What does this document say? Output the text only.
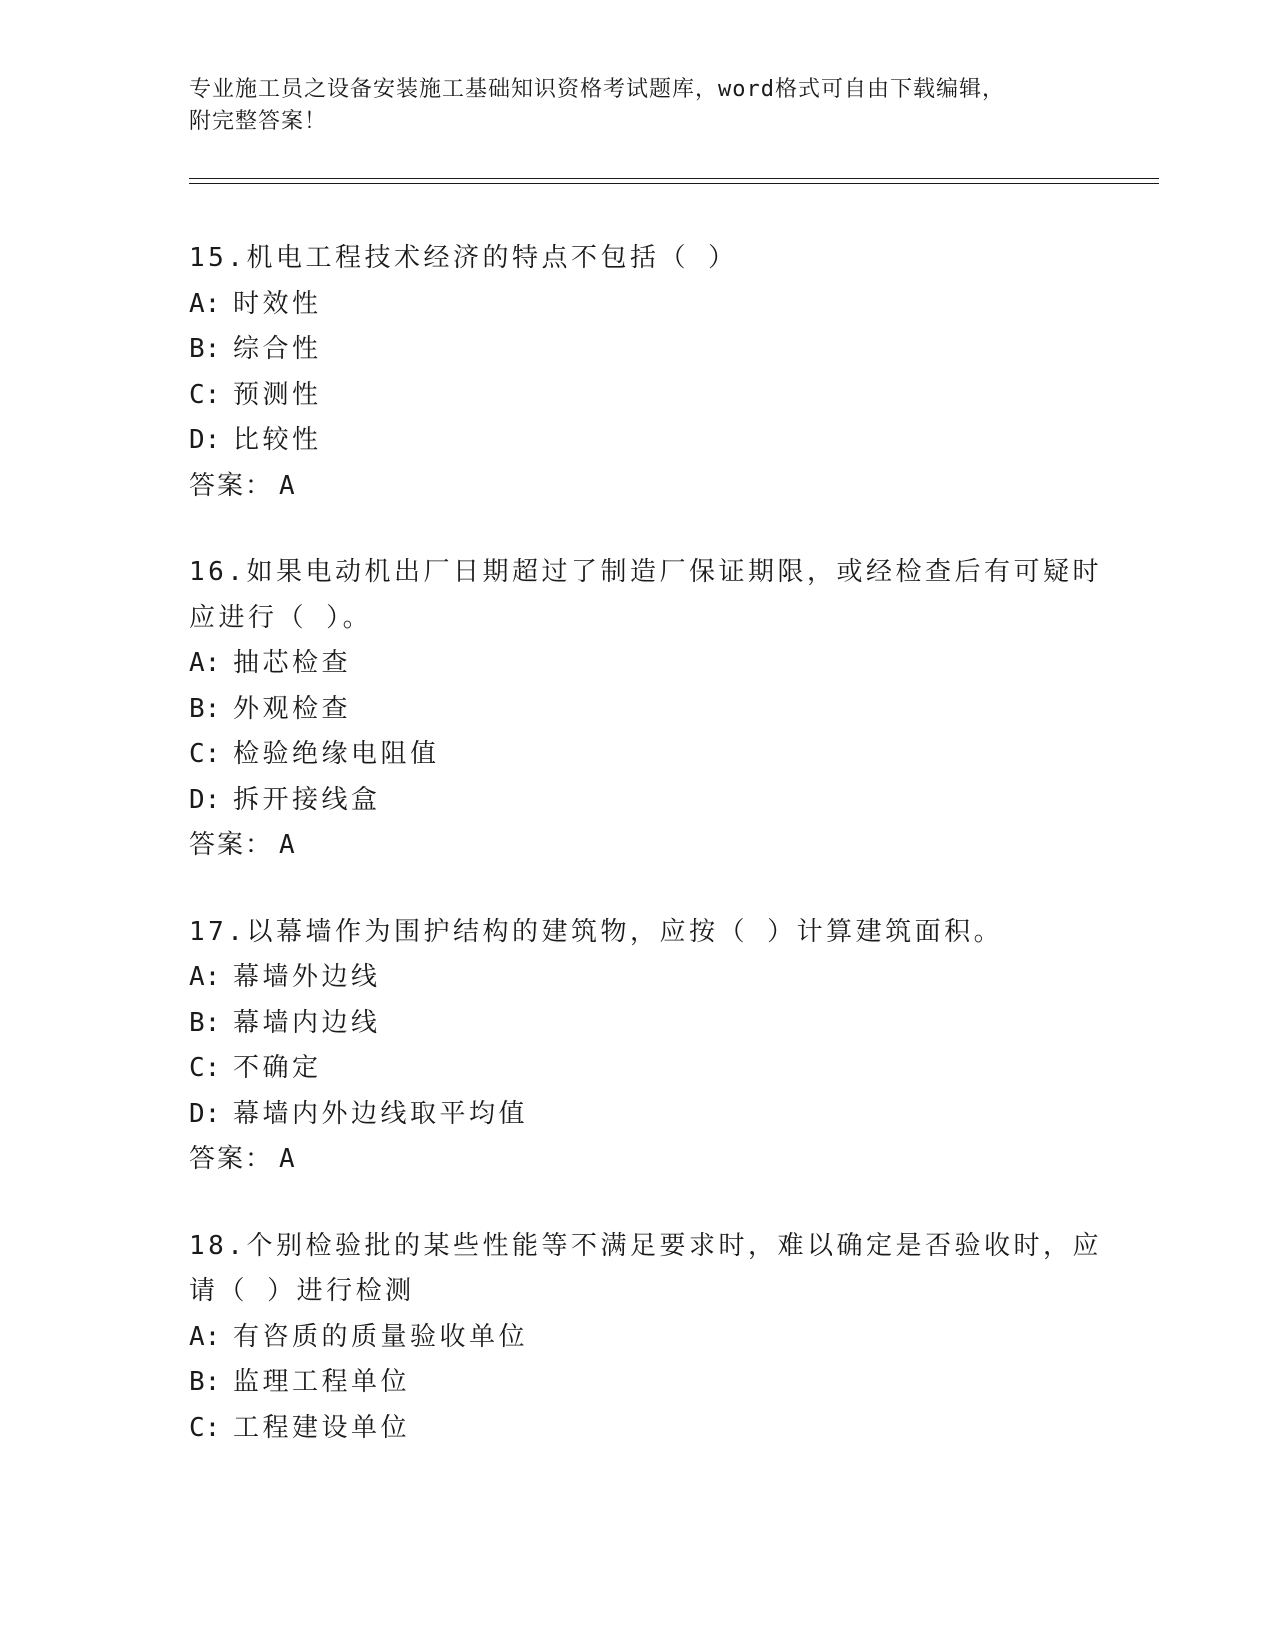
专业施工员之设备安装施工基础知识资格考试题库，word格式可自由下载编辑，
附完整答案！
15.机电工程技术经济的特点不包括（ ）
A: 时效性
B: 综合性
C: 预测性
D: 比较性
答案： A
16.如果电动机出厂日期超过了制造厂保证期限，或经检查后有可疑时
应进行（ ）。
A: 抽芯检查
B: 外观检查
C: 检验绝缘电阻值
D: 拆开接线盒
答案： A
17.以幕墙作为围护结构的建筑物，应按（ ）计算建筑面积。
A: 幕墙外边线
B: 幕墙内边线
C: 不确定
D: 幕墙内外边线取平均值
答案： A
18.个别检验批的某些性能等不满足要求时，难以确定是否验收时，应
请（ ）进行检测
A: 有咨质的质量验收单位
B: 监理工程单位
C: 工程建设单位
